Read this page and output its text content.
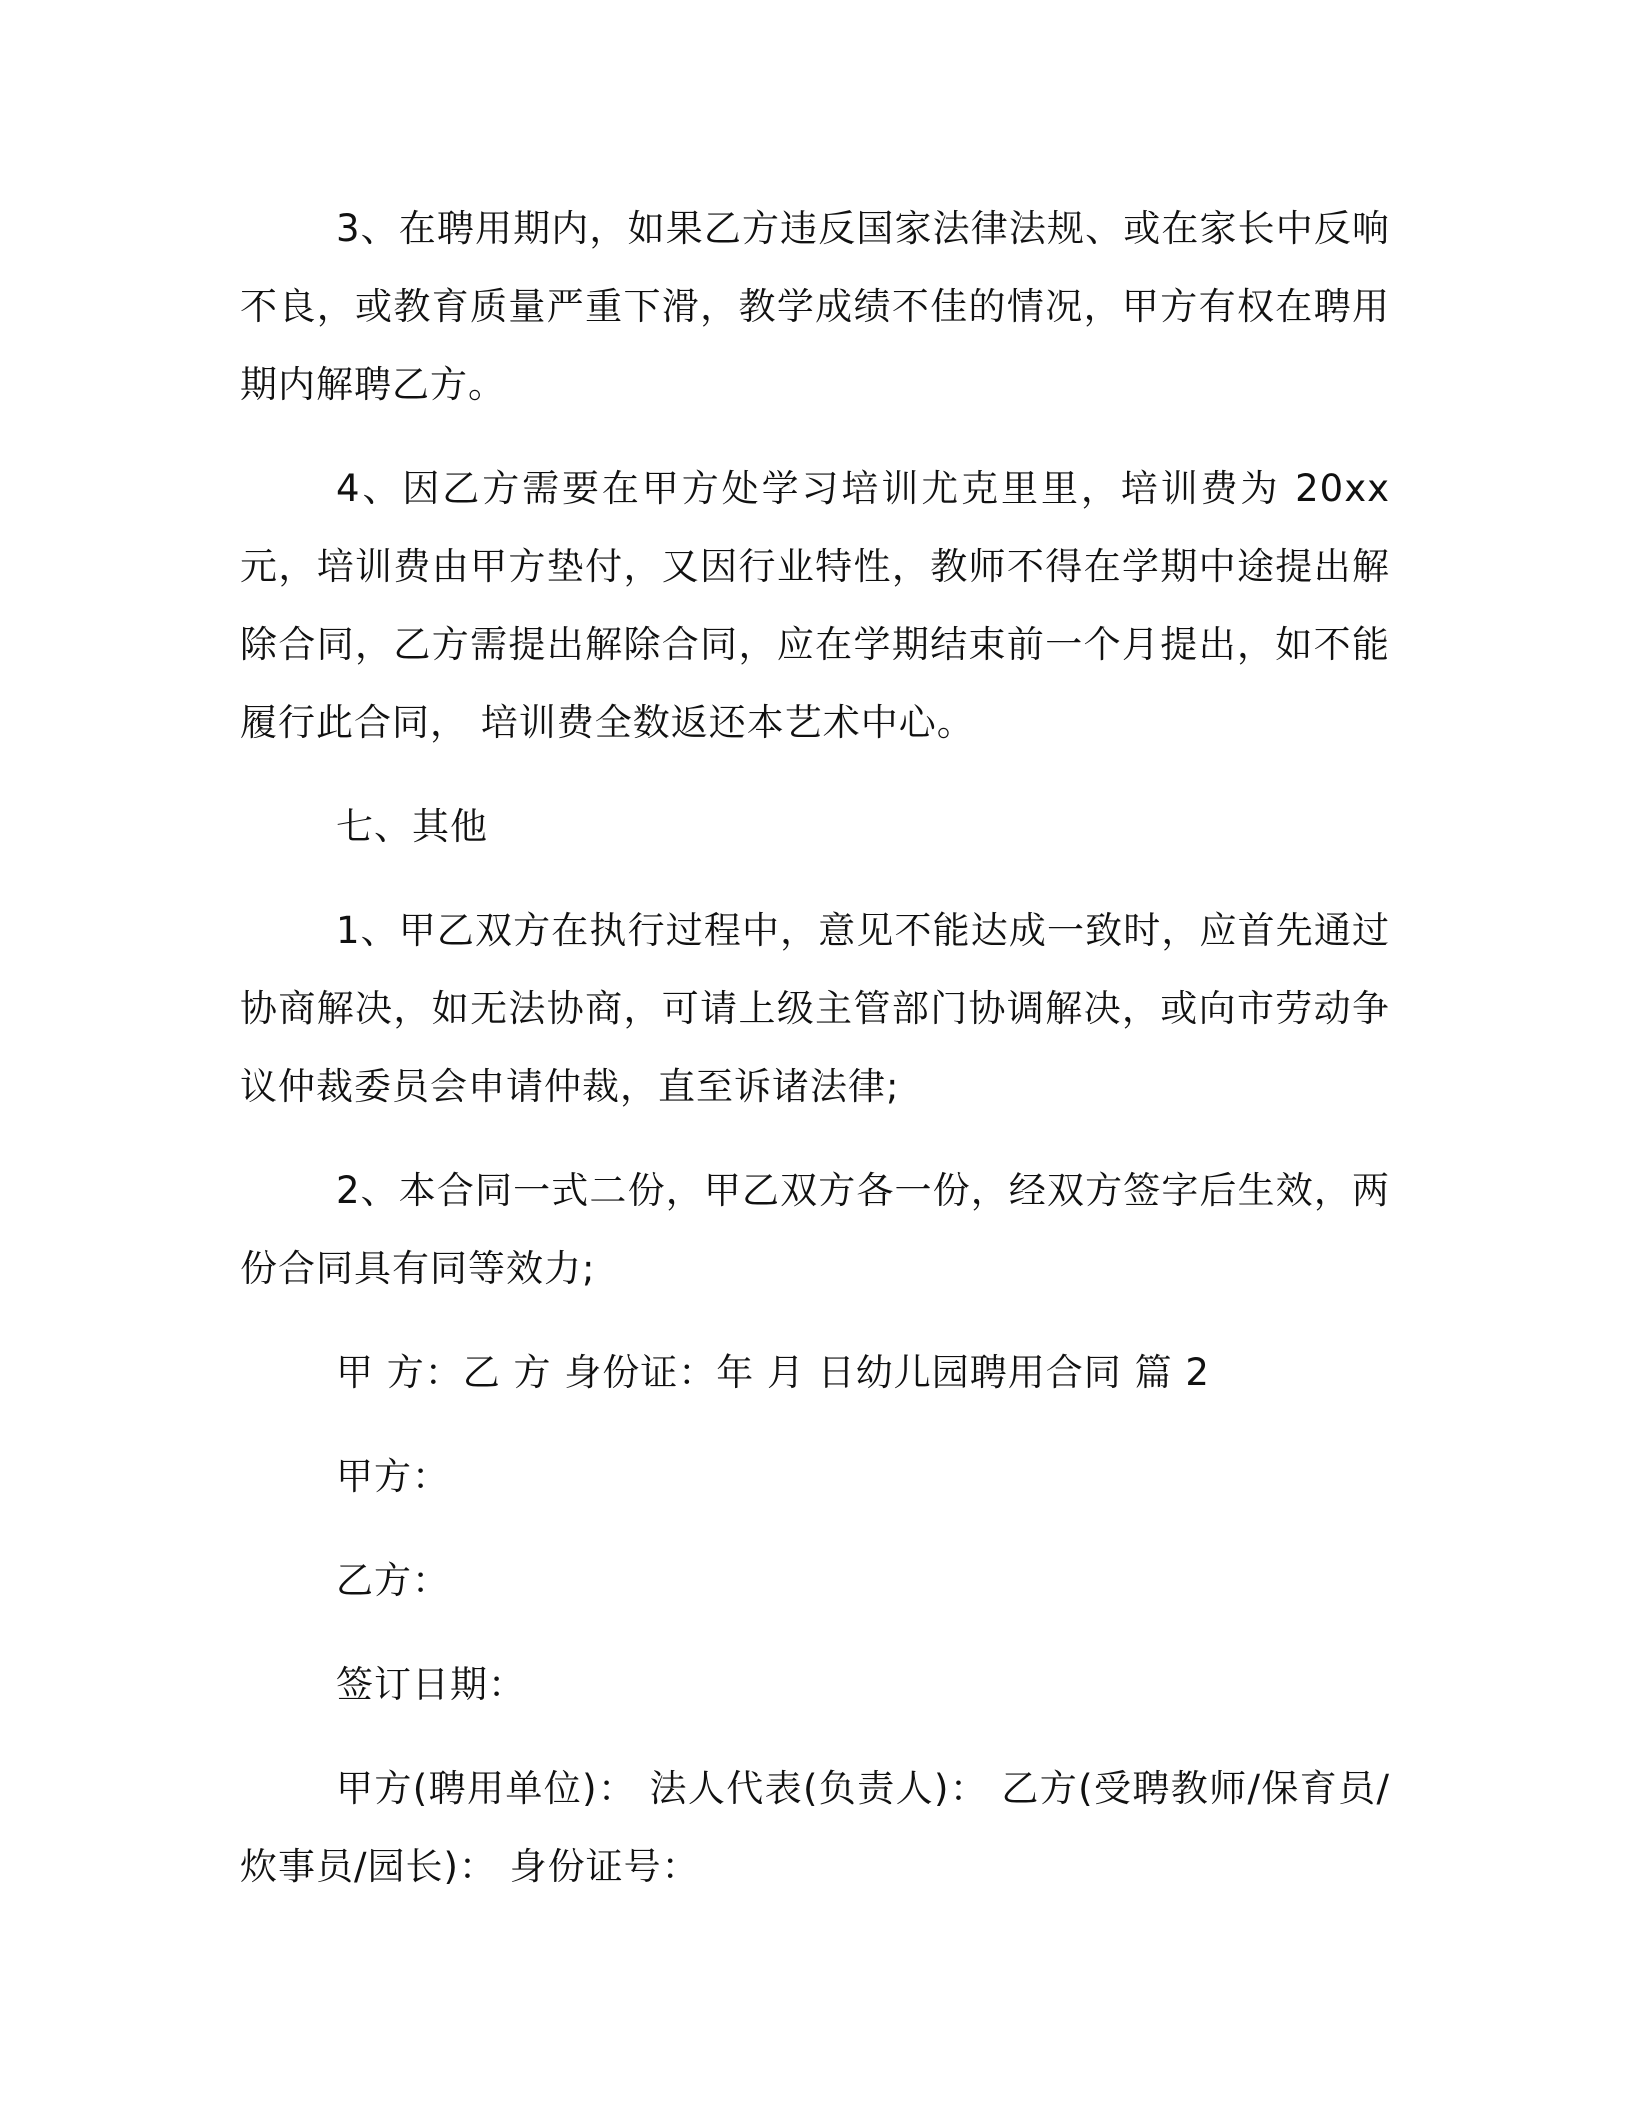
3、在聘用期内，如果乙方违反国家法律法规、或在家长中反响不良，或教育质量严重下滑，教学成绩不佳的情况，甲方有权在聘用期内解聘乙方。

4、因乙方需要在甲方处学习培训尤克里里，培训费为 20xx 元，培训费由甲方垫付，又因行业特性，教师不得在学期中途提出解除合同，乙方需提出解除合同，应在学期结束前一个月提出，如不能履行此合同， 培训费全数返还本艺术中心。

七、其他

1、甲乙双方在执行过程中，意见不能达成一致时，应首先通过协商解决，如无法协商，可请上级主管部门协调解决，或向市劳动争议仲裁委员会申请仲裁，直至诉诸法律;

2、本合同一式二份，甲乙双方各一份，经双方签字后生效，两份合同具有同等效力;

甲 方：乙 方 身份证：年 月 日幼儿园聘用合同 篇 2

甲方：

乙方：

签订日期：

甲方(聘用单位)： 法人代表(负责人)： 乙方(受聘教师/保育员/炊事员/园长)： 身份证号：
